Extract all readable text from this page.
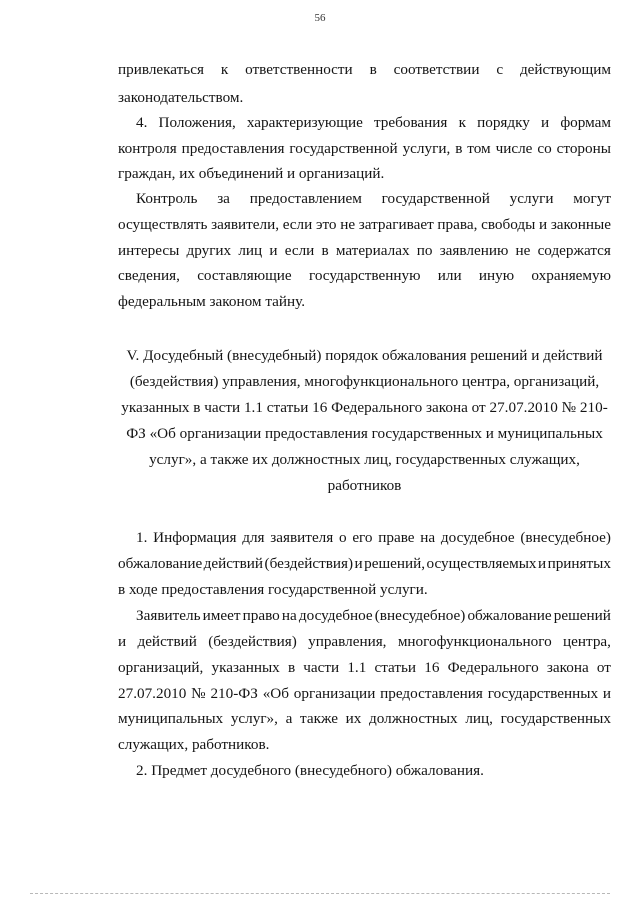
56
привлекаться к ответственности в соответствии с действующим
законодательством.
4. Положения, характеризующие требования к порядку и формам
контроля предоставления государственной услуги, в том числе со стороны
граждан, их объединений и организаций.
Контроль за предоставлением государственной услуги могут
осуществлять заявители, если это не затрагивает права, свободы и законные
интересы других лиц и если в материалах по заявлению не содержатся
сведения, составляющие государственную или иную охраняемую
федеральным законом тайну.
V. Досудебный (внесудебный) порядок обжалования решений и действий
(бездействия) управления, многофункционального центра, организаций,
указанных в части 1.1 статьи 16 Федерального закона от 27.07.2010 № 210-
ФЗ «Об организации предоставления государственных и муниципальных
услуг», а также их должностных лиц, государственных служащих,
работников
1. Информация для заявителя о его праве на досудебное (внесудебное)
обжалование действий (бездействия) и решений, осуществляемых и принятых
в ходе предоставления государственной услуги.
Заявитель имеет право на досудебное (внесудебное) обжалование решений
и действий (бездействия) управления, многофункционального центра,
организаций, указанных в части 1.1 статьи 16 Федерального закона от
27.07.2010 № 210-ФЗ «Об организации предоставления государственных и
муниципальных услуг», а также их должностных лиц, государственных
служащих, работников.
2. Предмет досудебного (внесудебного) обжалования.
